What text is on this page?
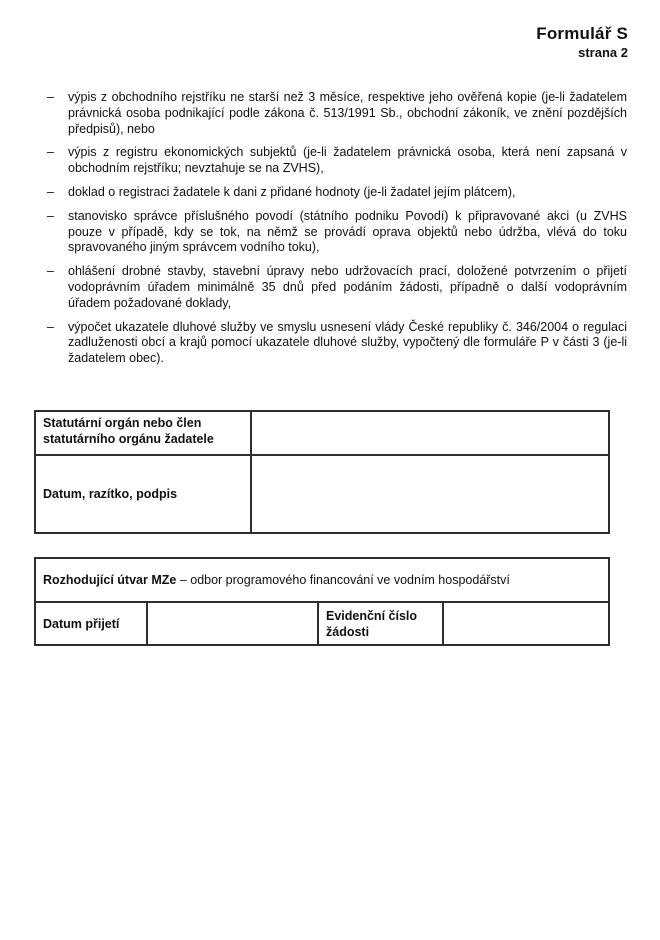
Formulář S
strana 2
– výpis z obchodního rejstříku ne starší než 3 měsíce, respektive jeho ověřená kopie (je-li žadatelem právnická osoba podnikající podle zákona č. 513/1991 Sb., obchodní zákoník, ve znění pozdějších předpisů), nebo
– výpis z registru ekonomických subjektů (je-li žadatelem právnická osoba, která není zapsaná v obchodním rejstříku; nevztahuje se na ZVHS),
– doklad o registraci žadatele k dani z přidané hodnoty (je-li žadatel jejím plátcem),
– stanovisko správce příslušného povodí (státního podniku Povodí) k připravované akci (u ZVHS pouze v případě, kdy se tok, na němž se provádí oprava objektů nebo údržba, vlévá do toku spravovaného jiným správcem vodního toku),
– ohlášení drobné stavby, stavební úpravy nebo udržovacích prací, doložené potvrzením o přijetí vodoprávním úřadem minimálně 35 dnů před podáním žádosti, případně o další vodoprávním úřadem požadované doklady,
– výpočet ukazatele dluhové služby ve smyslu usnesení vlády České republiky č. 346/2004 o regulaci zadluženosti obcí a krajů pomocí ukazatele dluhové služby, vypočtený dle formuláře P v části 3 (je-li žadatelem obec).
Statutární orgán nebo člen statutárního orgánu žadatele	
Datum, razítko, podpis	
Rozhodující útvar MZe – odbor programového financování ve vodním hospodářství
Datum přijetí		Evidenční číslo žádosti	
